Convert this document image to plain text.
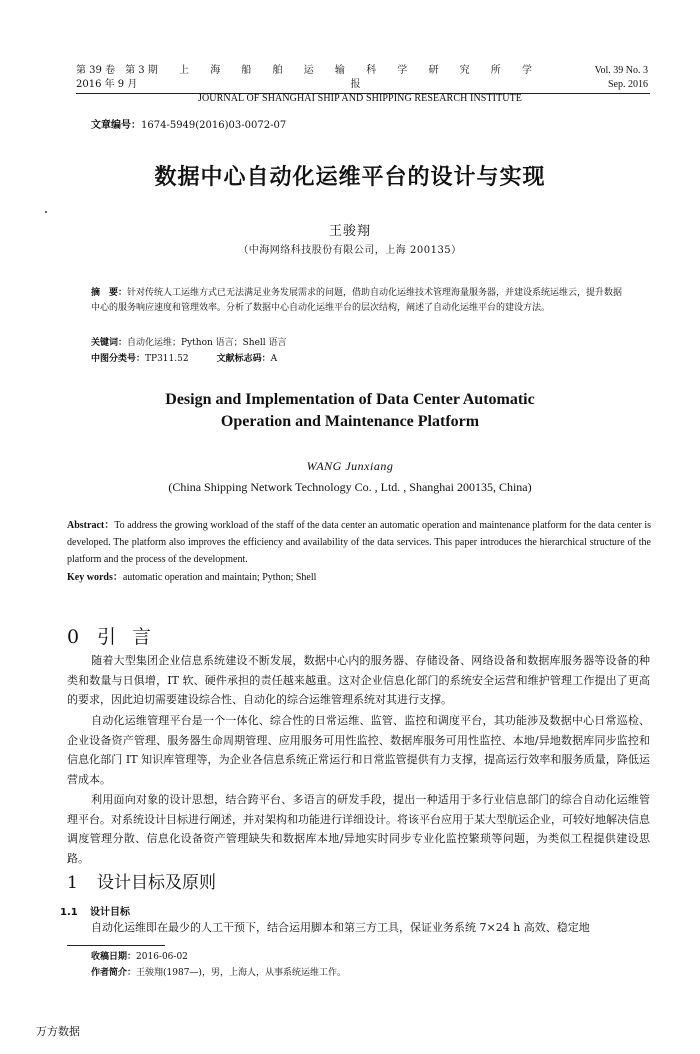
第 39 卷　第 3 期
2016 年 9 月
上 海 船 舶 运 输 科 学 研 究 所 学 报
JOURNAL OF SHANGHAI SHIP AND SHIPPING RESEARCH INSTITUTE
Vol. 39 No. 3
Sep. 2016
文章编号：1674-5949(2016)03-0072-07
数据中心自动化运维平台的设计与实现
王骏翔
（中海网络科技股份有限公司，上海 200135）
摘　要：针对传统人工运维方式已无法满足业务发展需求的问题，借助自动化运维技术管理海量服务器，并建设系统运维云，提升数据中心的服务响应速度和管理效率。分析了数据中心自动化运维平台的层次结构，阐述了自动化运维平台的建设方法。
关键词：自动化运维；Python 语言；Shell 语言
中图分类号：TP311.52	文献标志码：A
Design and Implementation of Data Center Automatic
Operation and Maintenance Platform
WANG Junxiang
(China Shipping Network Technology Co. , Ltd. , Shanghai 200135, China)
Abstract：To address the growing workload of the staff of the data center an automatic operation and maintenance platform for the data center is developed. The platform also improves the efficiency and availability of the data services. This paper introduces the hierarchical structure of the platform and the process of the development.
Key words：automatic operation and maintain; Python; Shell
0 引言
随着大型集团企业信息系统建设不断发展，数据中心内的服务器、存储设备、网络设备和数据库服务器等设备的种类和数量与日俱增，IT 软、硬件承担的责任越来越重。这对企业信息化部门的系统安全运营和维护管理工作提出了更高的要求，因此迫切需要建设综合性、自动化的综合运维管理系统对其进行支撑。
自动化运维管理平台是一个一体化、综合性的日常运维、监管、监控和调度平台，其功能涉及数据中心日常巡检、企业设备资产管理、服务器生命周期管理、应用服务可用性监控、数据库服务可用性监控、本地/异地数据库同步监控和信息化部门 IT 知识库管理等，为企业各信息系统正常运行和日常监管提供有力支撑，提高运行效率和服务质量，降低运营成本。
利用面向对象的设计思想，结合跨平台、多语言的研发手段，提出一种适用于多行业信息部门的综合自动化运维管理平台。对系统设计目标进行阐述，并对架构和功能进行详细设计。将该平台应用于某大型航运企业，可较好地解决信息调度管理分散、信息化设备资产管理缺失和数据库本地/异地实时同步专业化监控繁琐等问题，为类似工程提供建设思路。
1 设计目标及原则
1.1 设计目标
自动化运维即在最少的人工干预下，结合运用脚本和第三方工具，保证业务系统 7×24 h 高效、稳定地
收稿日期：2016-06-02
作者简介：王骏翔(1987—)，男，上海人，从事系统运维工作。
万方数据
